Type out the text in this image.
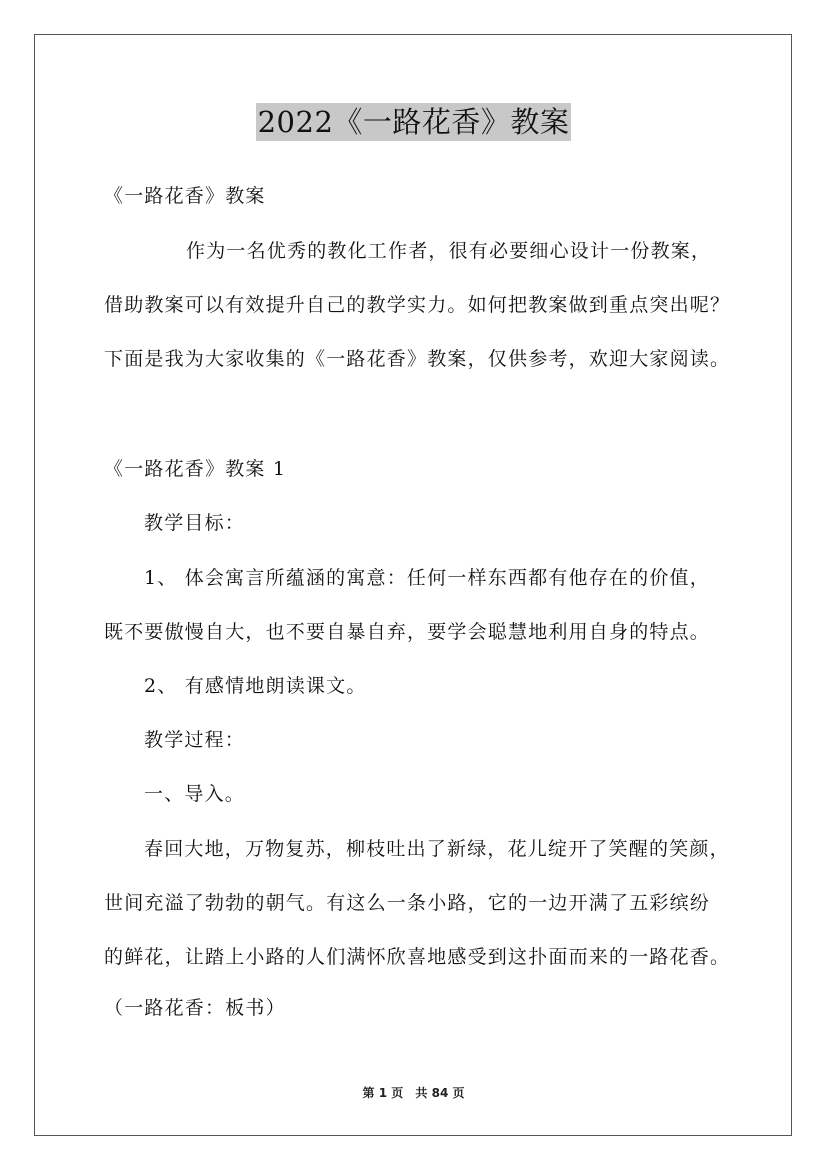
2022《一路花香》教案
《一路花香》教案
作为一名优秀的教化工作者，很有必要细心设计一份教案，
借助教案可以有效提升自己的教学实力。如何把教案做到重点突出呢？
下面是我为大家收集的《一路花香》教案，仅供参考，欢迎大家阅读。
《一路花香》教案 1
教学目标：
1、 体会寓言所蕴涵的寓意：任何一样东西都有他存在的价值，
既不要傲慢自大，也不要自暴自弃，要学会聪慧地利用自身的特点。
2、 有感情地朗读课文。
教学过程：
一、导入。
春回大地，万物复苏，柳枝吐出了新绿，花儿绽开了笑醒的笑颜，
世间充溢了勃勃的朝气。有这么一条小路，它的一边开满了五彩缤纷
的鲜花，让踏上小路的人们满怀欣喜地感受到这扑面而来的一路花香。
（一路花香：板书）
第 1 页 共 84 页
